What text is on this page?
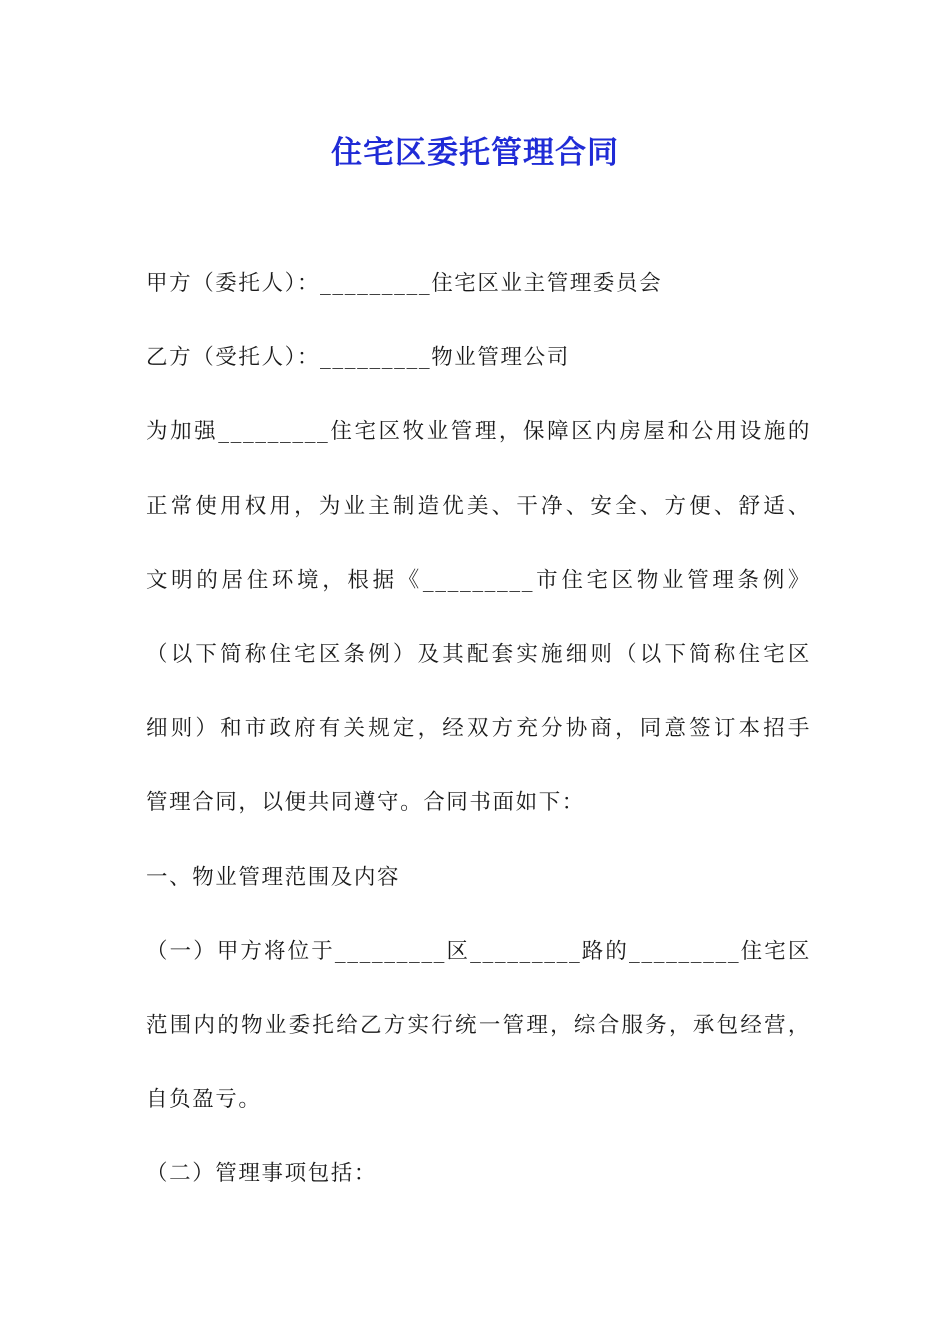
住宅区委托管理合同
甲方（委托人）：_________住宅区业主管理委员会
乙方（受托人）：_________物业管理公司
为加强_________住宅区牧业管理，保障区内房屋和公用设施的
正常使用权用，为业主制造优美、干净、安全、方便、舒适、
文明的居住环境，根据《_________市住宅区物业管理条例》
（以下简称住宅区条例）及其配套实施细则（以下简称住宅区
细则）和市政府有关规定，经双方充分协商，同意签订本招手
管理合同，以便共同遵守。合同书面如下：
一、物业管理范围及内容
（一）甲方将位于_________区_________路的_________住宅区
范围内的物业委托给乙方实行统一管理，综合服务，承包经营，
自负盈亏。
（二）管理事项包括：
